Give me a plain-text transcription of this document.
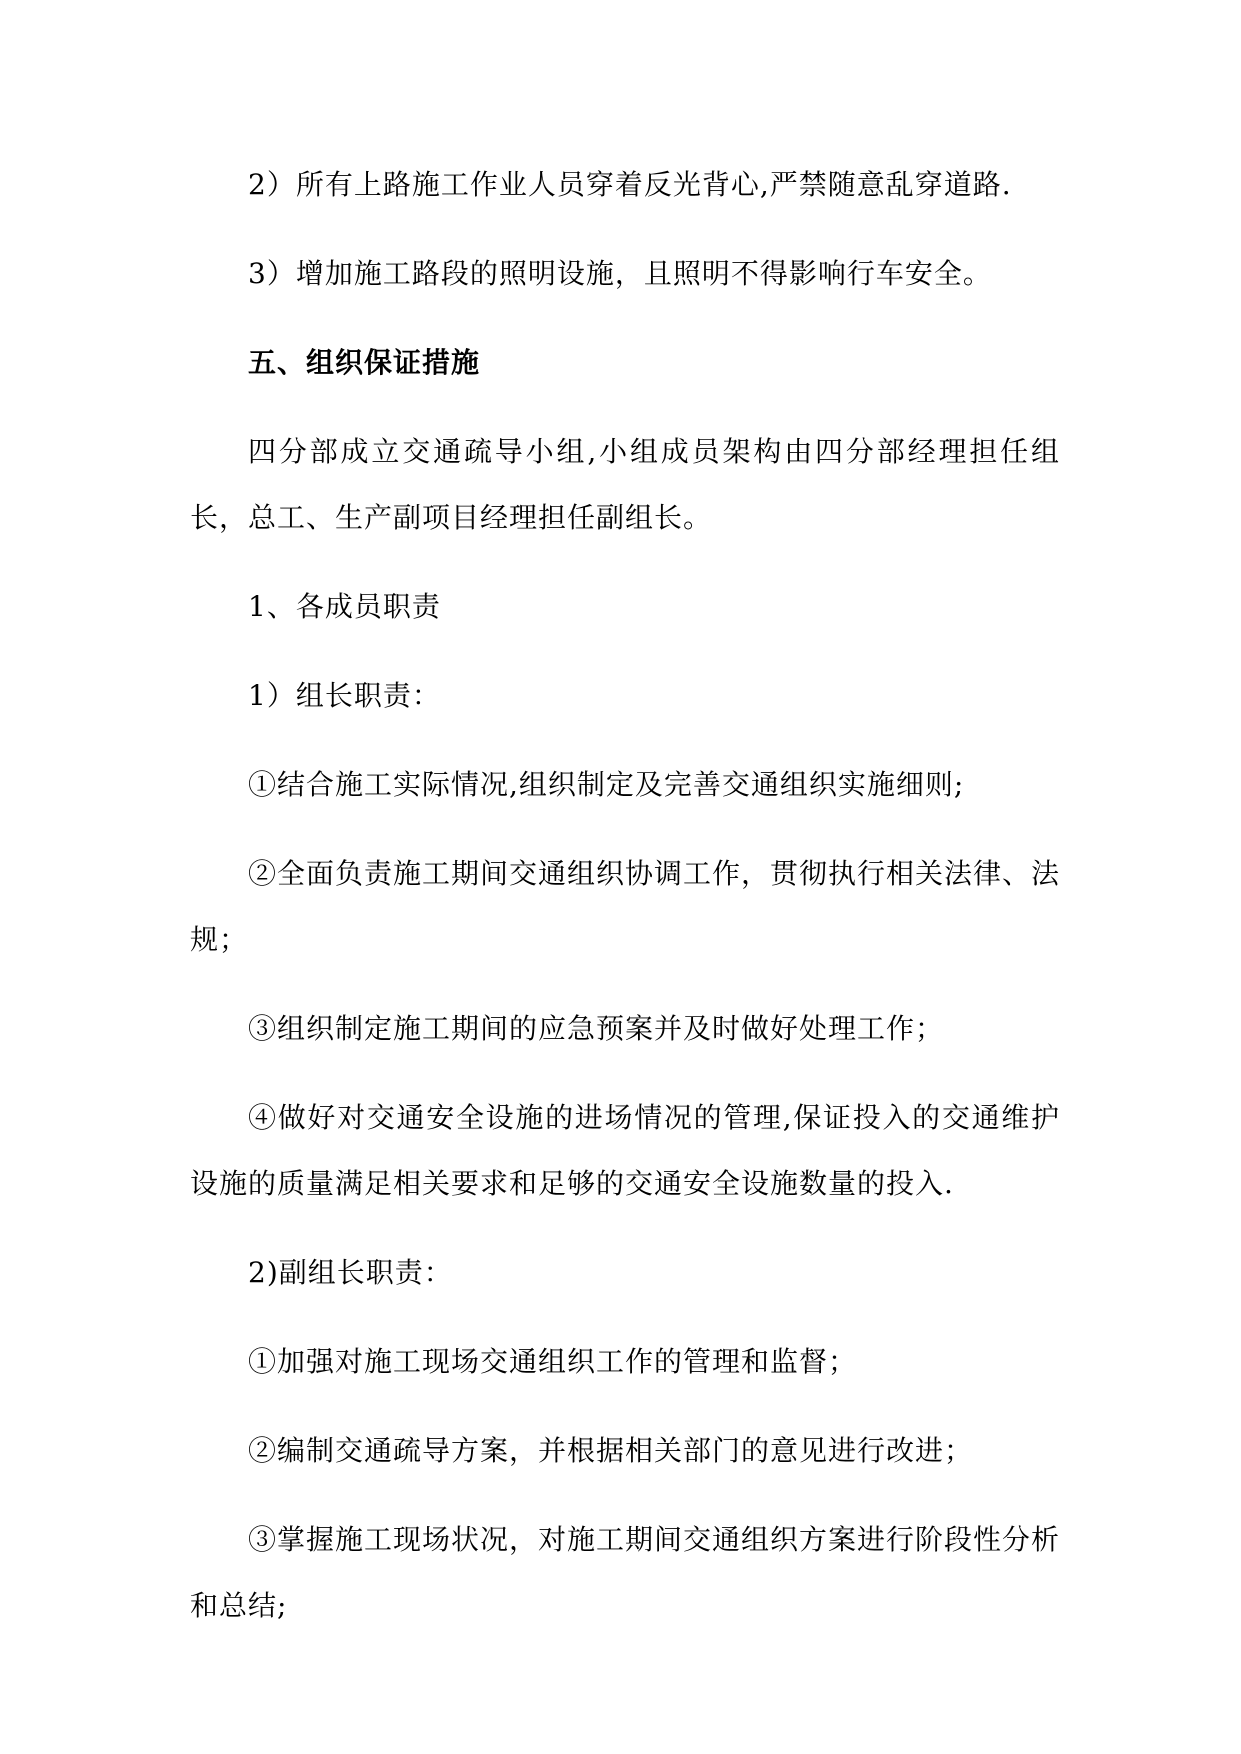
2）所有上路施工作业人员穿着反光背心,严禁随意乱穿道路.

3）增加施工路段的照明设施，且照明不得影响行车安全。

五、组织保证措施

四分部成立交通疏导小组,小组成员架构由四分部经理担任组长，总工、生产副项目经理担任副组长。

1、各成员职责

1）组长职责：

①结合施工实际情况,组织制定及完善交通组织实施细则;

②全面负责施工期间交通组织协调工作，贯彻执行相关法律、法规；

③组织制定施工期间的应急预案并及时做好处理工作；

④做好对交通安全设施的进场情况的管理,保证投入的交通维护设施的质量满足相关要求和足够的交通安全设施数量的投入.

2)副组长职责：

①加强对施工现场交通组织工作的管理和监督；

②编制交通疏导方案，并根据相关部门的意见进行改进；

③掌握施工现场状况，对施工期间交通组织方案进行阶段性分析和总结;
